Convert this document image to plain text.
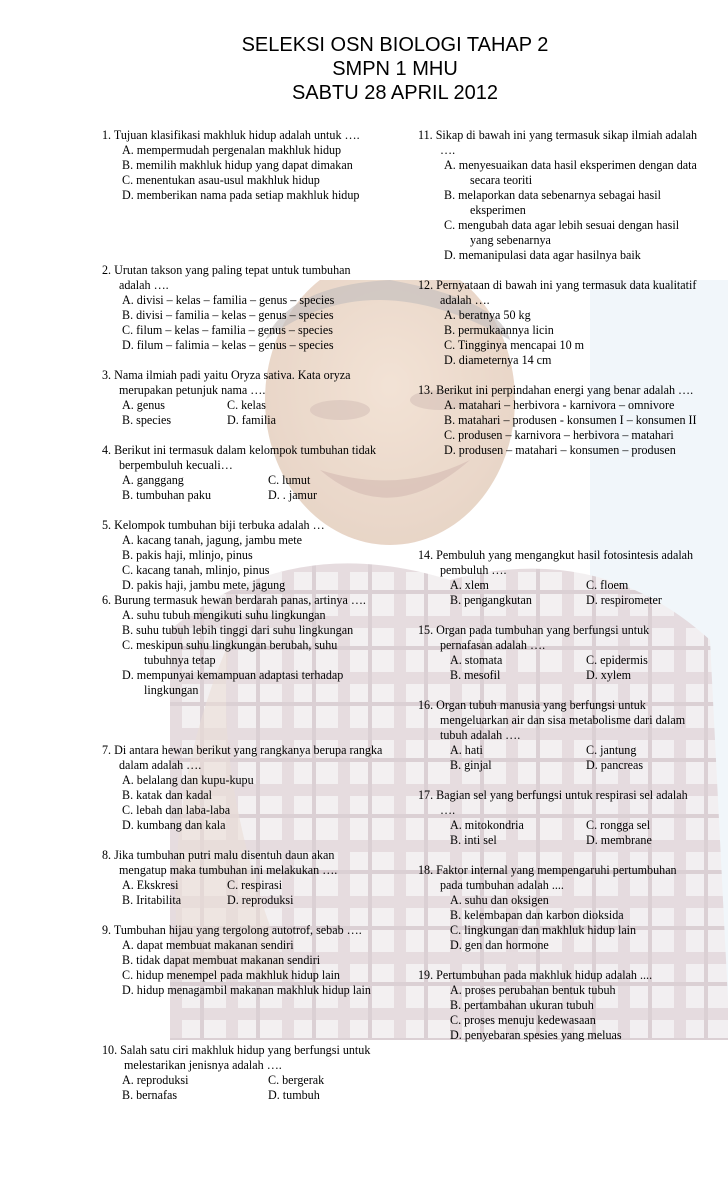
SELEKSI OSN BIOLOGI TAHAP 2
SMPN 1 MHU
SABTU 28 APRIL 2012
1. Tujuan klasifikasi makhluk hidup adalah untuk ….
A. mempermudah pergenalan makhluk hidup
B. memilih makhluk hidup yang dapat dimakan
C. menentukan asau-usul makhluk hidup
D. memberikan nama pada setiap makhluk hidup
2. Urutan takson yang paling tepat untuk tumbuhan adalah ….
A. divisi – kelas – familia – genus – species
B. divisi – familia – kelas – genus – species
C. filum – kelas – familia – genus – species
D. filum – falimia – kelas – genus – species
3. Nama ilmiah padi yaitu Oryza sativa. Kata oryza merupakan petunjuk nama ….
A. genus	C. kelas
B. species	D. familia
4. Berikut ini termasuk dalam kelompok tumbuhan tidak berpembuluh kecuali…
A. ganggang	C. lumut
B. tumbuhan paku	D. . jamur
5. Kelompok tumbuhan biji terbuka adalah …
A. kacang tanah, jagung, jambu mete
B. pakis haji, mlinjo, pinus
C. kacang tanah, mlinjo, pinus
D. pakis haji, jambu mete, jagung
6. Burung termasuk hewan berdarah panas, artinya ….
A. suhu tubuh mengikuti suhu lingkungan
B. suhu tubuh lebih tinggi dari suhu lingkungan
C. meskipun suhu lingkungan berubah, suhu tubuhnya tetap
D. mempunyai kemampuan adaptasi terhadap lingkungan
7. Di antara hewan berikut yang rangkanya berupa rangka dalam adalah ….
A. belalang dan kupu-kupu
B. katak dan kadal
C. lebah dan laba-laba
D. kumbang dan kala
8. Jika tumbuhan putri malu disentuh daun akan mengatup maka tumbuhan ini melakukan ….
A. Ekskresi	C. respirasi
B. Iritabilita	D. reproduksi
9. Tumbuhan hijau yang tergolong autotrof, sebab ….
A. dapat membuat makanan sendiri
B. tidak dapat membuat makanan sendiri
C. hidup menempel pada makhluk hidup lain
D. hidup menagambil makanan makhluk hidup lain
10. Salah satu ciri makhluk hidup yang berfungsi untuk melestarikan jenisnya adalah ….
A. reproduksi	C. bergerak
B. bernafas	D. tumbuh
11. Sikap di bawah ini yang termasuk sikap ilmiah adalah ….
A. menyesuaikan data hasil eksperimen dengan data secara teoriti
B. melaporkan data sebenarnya sebagai hasil eksperimen
C. mengubah data agar lebih sesuai dengan hasil yang sebenarnya
D. memanipulasi data agar hasilnya baik
12. Pernyataan di bawah ini yang termasuk data kualitatif adalah ….
A. beratnya 50 kg
B. permukaannya licin
C. Tingginya mencapai 10 m
D. diameternya 14 cm
13. Berikut ini perpindahan energi yang benar adalah ….
A. matahari – herbivora - karnivora – omnivore
B. matahari – produsen - konsumen I – konsumen II
C. produsen – karnivora – herbivora – matahari
D. produsen – matahari – konsumen – produsen
14. Pembuluh yang mengangkut hasil fotosintesis adalah pembuluh ….
A. xlem	C. floem
B. pengangkutan	D. respirometer
15. Organ pada tumbuhan yang berfungsi untuk pernafasan adalah ….
A. stomata	C. epidermis
B. mesofil	D. xylem
16. Organ tubuh manusia yang berfungsi untuk mengeluarkan air dan sisa metabolisme dari dalam tubuh adalah ….
A. hati	C. jantung
B. ginjal	D. pancreas
17. Bagian sel yang berfungsi untuk respirasi sel adalah ….
A. mitokondria	C. rongga sel
B. inti sel	D. membrane
18. Faktor internal yang mempengaruhi pertumbuhan pada tumbuhan adalah ....
A. suhu dan oksigen
B. kelembapan dan karbon dioksida
C. lingkungan dan makhluk hidup lain
D. gen dan hormone
19. Pertumbuhan pada makhluk hidup adalah ....
A. proses perubahan bentuk tubuh
B. pertambahan ukuran tubuh
C. proses menuju kedewasaan
D. penyebaran spesies yang meluas
